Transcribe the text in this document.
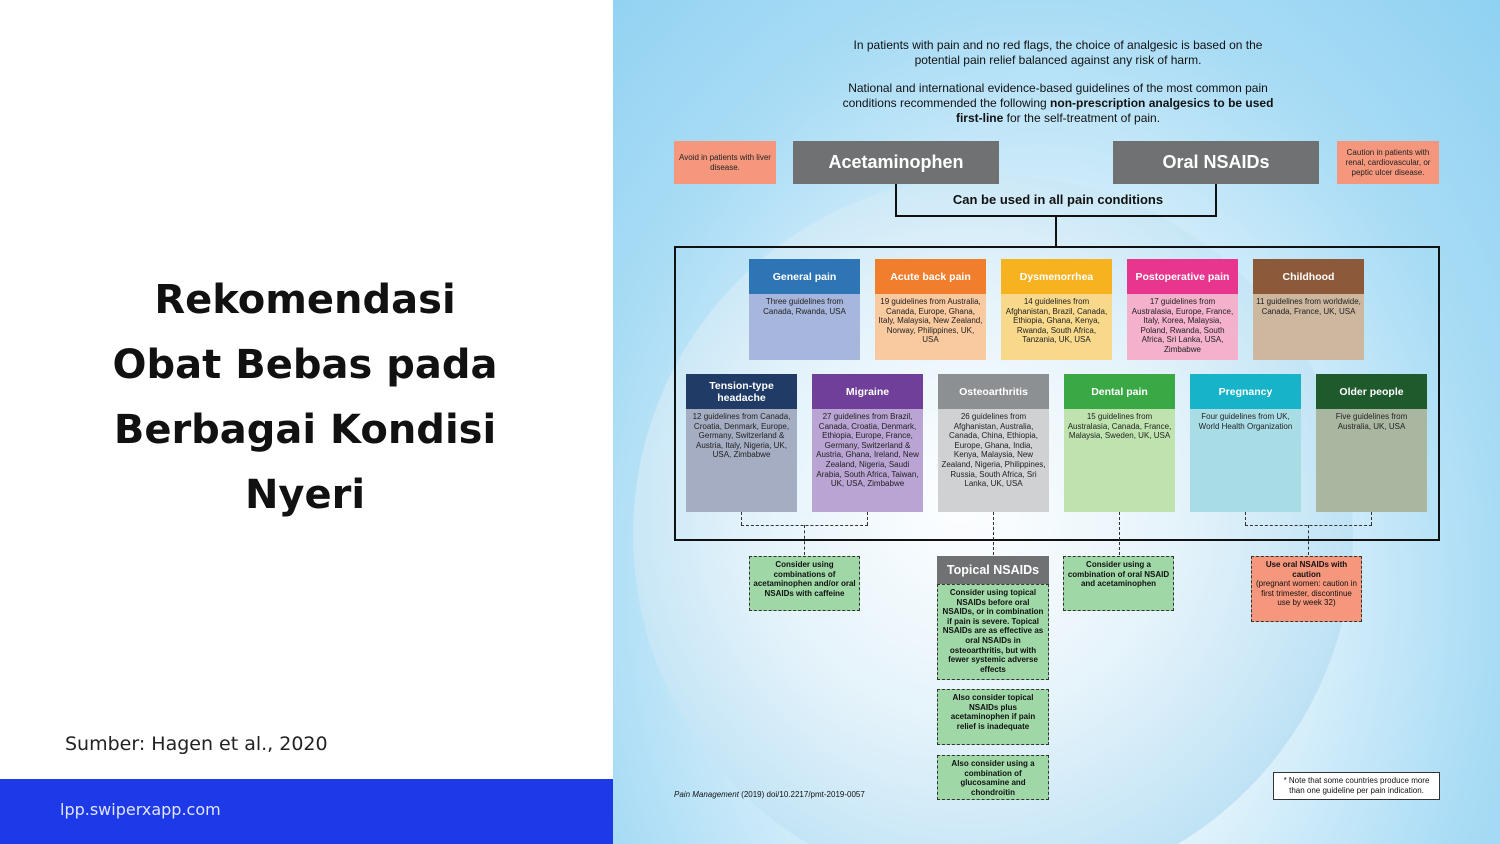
Rekomendasi
Obat Bebas pada
Berbagai Kondisi
Nyeri
Sumber: Hagen et al., 2020
lpp.swiperxapp.com
In patients with pain and no red flags, the choice of analgesic is based on the potential pain relief balanced against any risk of harm.
National and international evidence-based guidelines of the most common pain conditions recommended the following non-prescription analgesics to be used first-line for the self-treatment of pain.
Avoid in patients with liver disease.	Acetaminophen	Oral NSAIDs	Caution in patients with renal, cardiovascular, or peptic ulcer disease.
Can be used in all pain conditions
General pain
Three guidelines from Canada, Rwanda, USA
Acute back pain
19 guidelines from Australia, Canada, Europe, Ghana, Italy, Malaysia, New Zealand, Norway, Philippines, UK, USA
Dysmenorrhea
14 guidelines from Afghanistan, Brazil, Canada, Ethiopia, Ghana, Kenya, Rwanda, South Africa, Tanzania, UK, USA
Postoperative pain
17 guidelines from Australasia, Europe, France, Italy, Korea, Malaysia, Poland, Rwanda, South Africa, Sri Lanka, USA, Zimbabwe
Childhood
11 guidelines from worldwide, Canada, France, UK, USA
Tension-type headache
12 guidelines from Canada, Croatia, Denmark, Europe, Germany, Switzerland & Austria, Italy, Nigeria, UK, USA, Zimbabwe
Migraine
27 guidelines from Brazil, Canada, Croatia, Denmark, Ethiopia, Europe, France, Germany, Switzerland & Austria, Ghana, Ireland, New Zealand, Nigeria, Saudi Arabia, South Africa, Taiwan, UK, USA, Zimbabwe
Osteoarthritis
26 guidelines from Afghanistan, Australia, Canada, China, Ethiopia, Europe, Ghana, India, Kenya, Malaysia, New Zealand, Nigeria, Philippines, Russia, South Africa, Sri Lanka, UK, USA
Dental pain
15 guidelines from Australasia, Canada, France, Malaysia, Sweden, UK, USA
Pregnancy
Four guidelines from UK, World Health Organization
Older people
Five guidelines from Australia, UK, USA
Consider using combinations of acetaminophen and/or oral NSAIDs with caffeine
Topical NSAIDs
Consider using topical NSAIDs before oral NSAIDs, or in combination if pain is severe. Topical NSAIDs are as effective as oral NSAIDs in osteoarthritis, but with fewer systemic adverse effects
Also consider topical NSAIDs plus acetaminophen if pain relief is inadequate
Also consider using a combination of glucosamine and chondroitin
Consider using a combination of oral NSAID and acetaminophen
Use oral NSAIDs with caution
(pregnant women: caution in first trimester, discontinue use by week 32)
Pain Management (2019) doi/10.2217/pmt-2019-0057
* Note that some countries produce more than one guideline per pain indication.
